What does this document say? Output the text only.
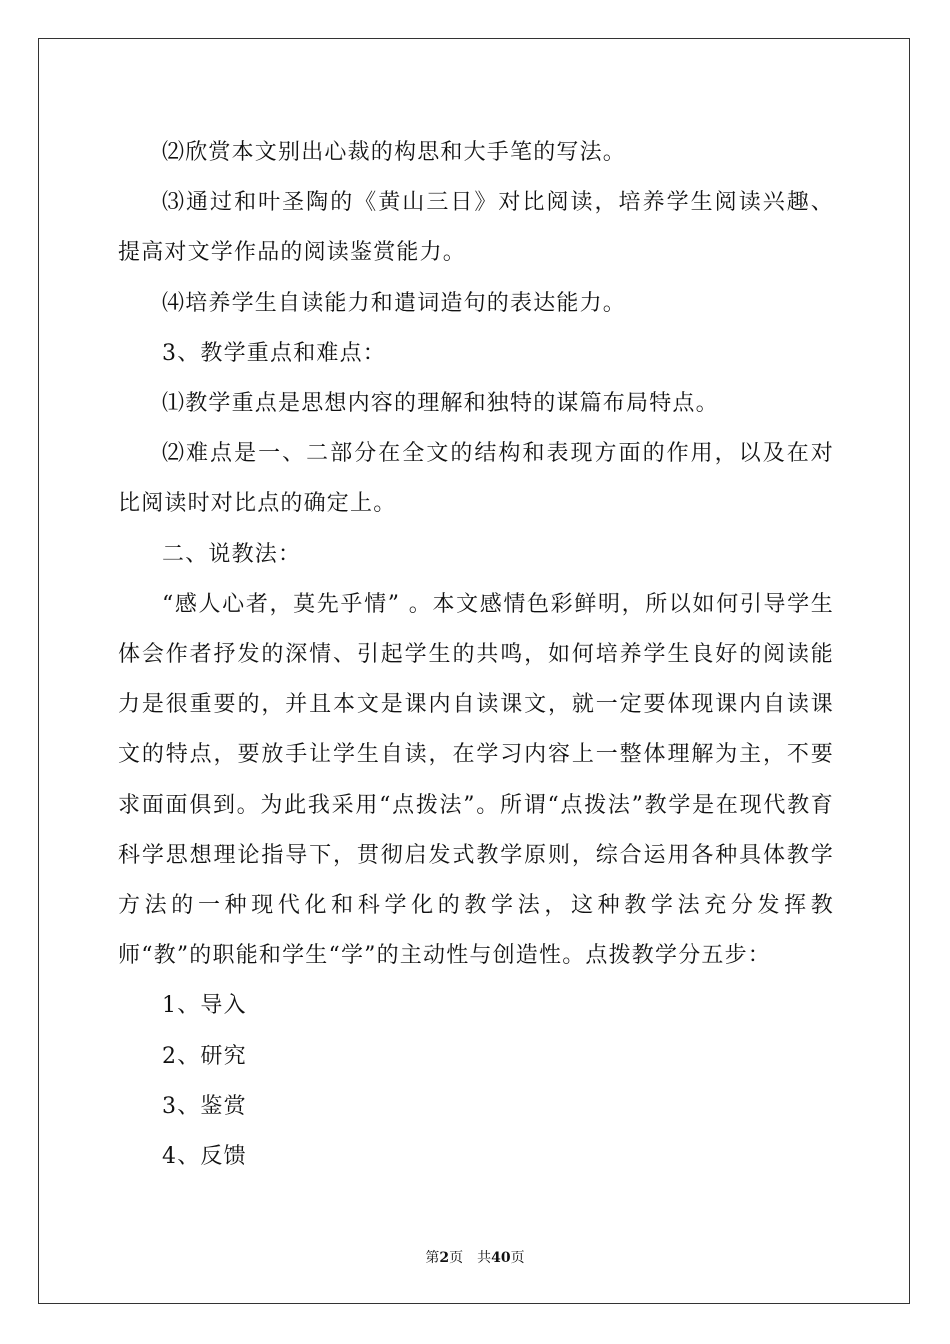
⑵欣赏本文别出心裁的构思和大手笔的写法。

⑶通过和叶圣陶的《黄山三日》对比阅读，培养学生阅读兴趣、提高对文学作品的阅读鉴赏能力。

⑷培养学生自读能力和遣词造句的表达能力。

3、教学重点和难点：

⑴教学重点是思想内容的理解和独特的谋篇布局特点。

⑵难点是一、二部分在全文的结构和表现方面的作用，以及在对比阅读时对比点的确定上。

二、说教法：

“感人心者，莫先乎情” 。本文感情色彩鲜明，所以如何引导学生体会作者抒发的深情、引起学生的共鸣，如何培养学生良好的阅读能力是很重要的，并且本文是课内自读课文，就一定要体现课内自读课文的特点，要放手让学生自读，在学习内容上一整体理解为主，不要求面面俱到。为此我采用“点拨法”。所谓“点拨法”教学是在现代教育科学思想理论指导下，贯彻启发式教学原则，综合运用各种具体教学方法的一种现代化和科学化的教学法，这种教学法充分发挥教师“教”的职能和学生“学”的主动性与创造性。点拨教学分五步：

1、导入

2、研究

3、鉴赏

4、反馈

第2页　共40页
